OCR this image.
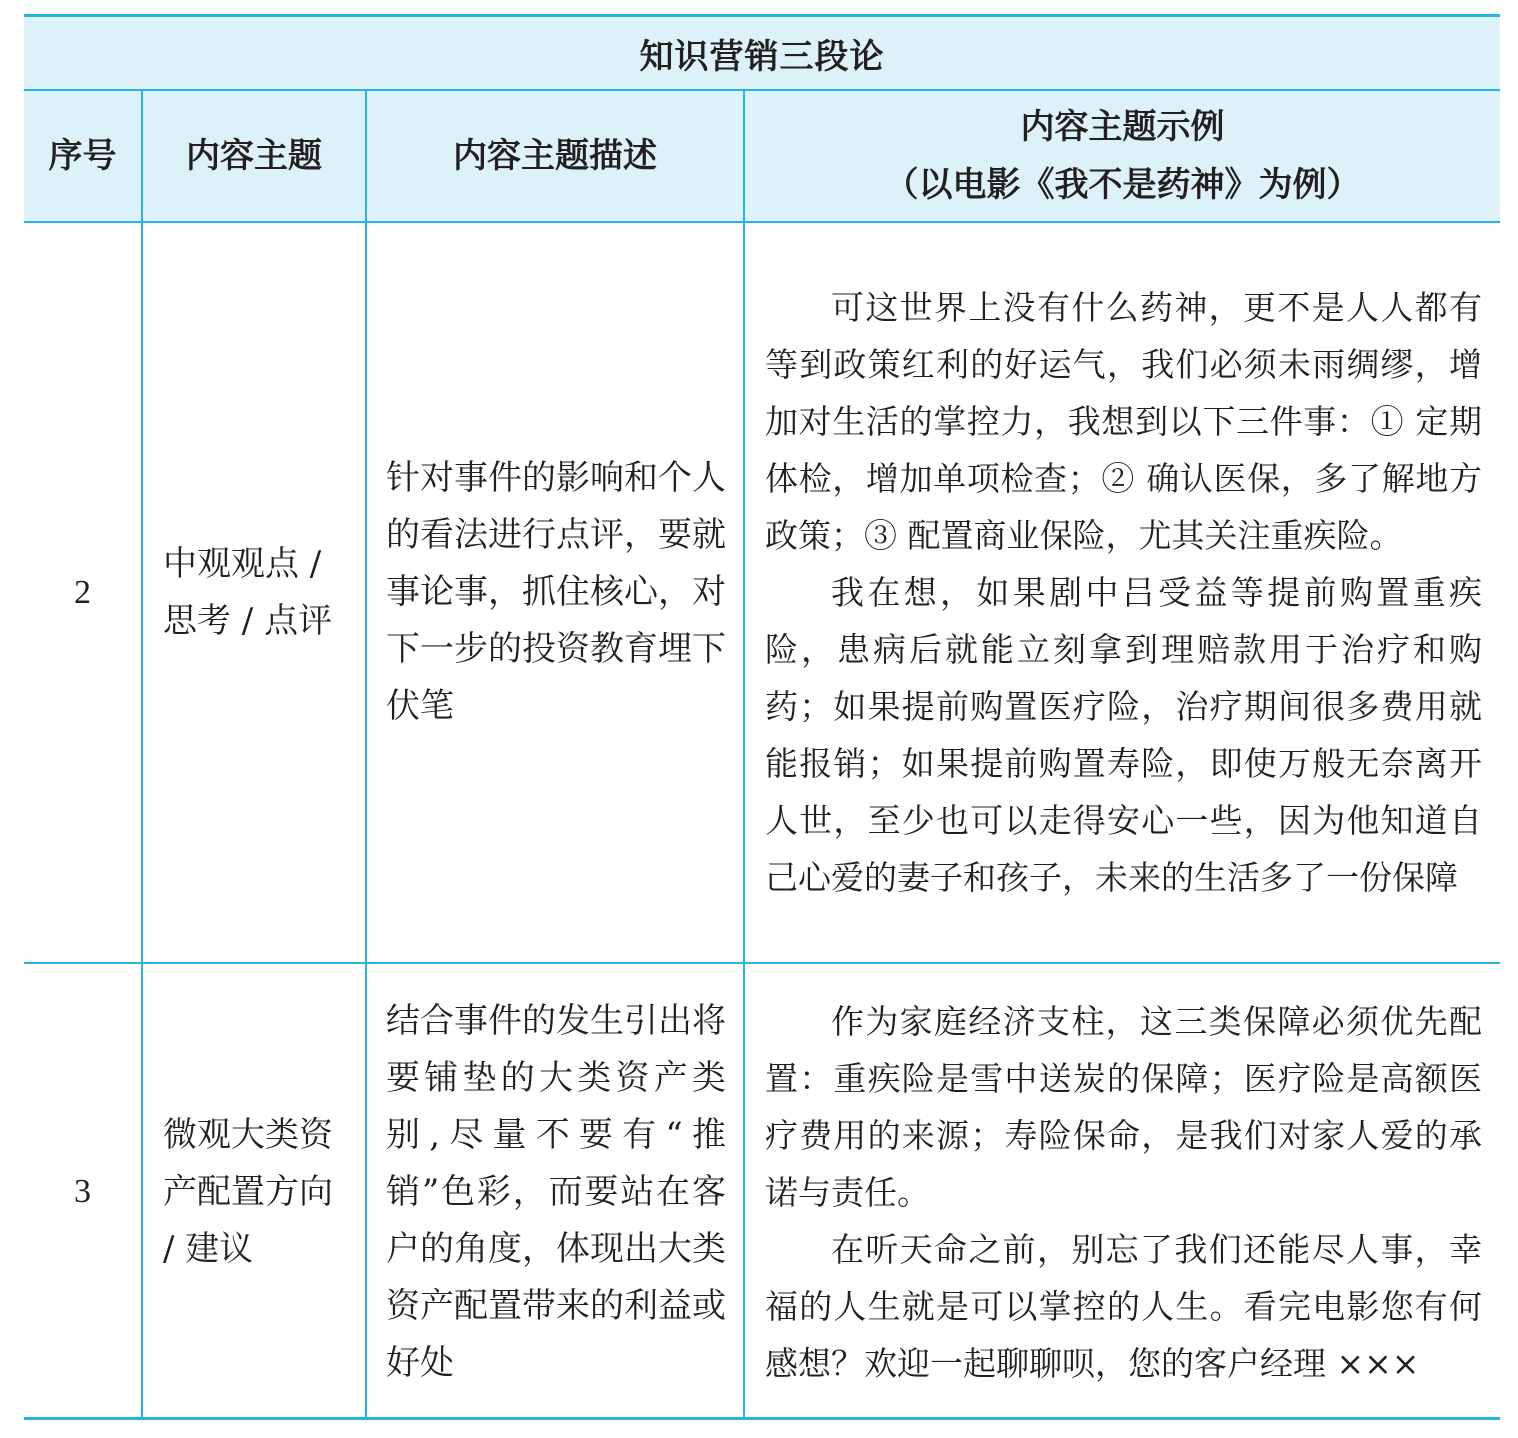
知识营销三段论
序号 内容主题	内容主题描述
内容主题示例
（以电影《我不是药神》为例）
2
中观观点 /
思考 / 点评
针对事件的影响和个人的看法进行点评，要就事论事，抓住核心，对下一步的投资教育埋下伏笔

可这世界上没有什么药神，更不是人人都有等到政策红利的好运气，我们必须未雨绸缪，增加对生活的掌控力，我想到以下三件事：① 定期体检，增加单项检查；② 确认医保，多了解地方政策；③ 配置商业保险，尤其关注重疾险。

我在想，如果剧中吕受益等提前购置重疾险，患病后就能立刻拿到理赔款用于治疗和购药；如果提前购置医疗险，治疗期间很多费用就能报销；如果提前购置寿险，即使万般无奈离开人世，至少也可以走得安心一些，因为他知道自己心爱的妻子和孩子，未来的生活多了一份保障

3
微观大类资
产配置方向
/ 建议
结合事件的发生引出将要铺垫的大类资产类别,尽量不要有“推销”色彩，而要站在客户的角度，体现出大类资产配置带来的利益或好处

作为家庭经济支柱，这三类保障必须优先配置：重疾险是雪中送炭的保障；医疗险是高额医疗费用的来源；寿险保命，是我们对家人爱的承诺与责任。

在听天命之前，别忘了我们还能尽人事，幸福的人生就是可以掌控的人生。看完电影您有何感想？欢迎一起聊聊呗，您的客户经理 ×××
